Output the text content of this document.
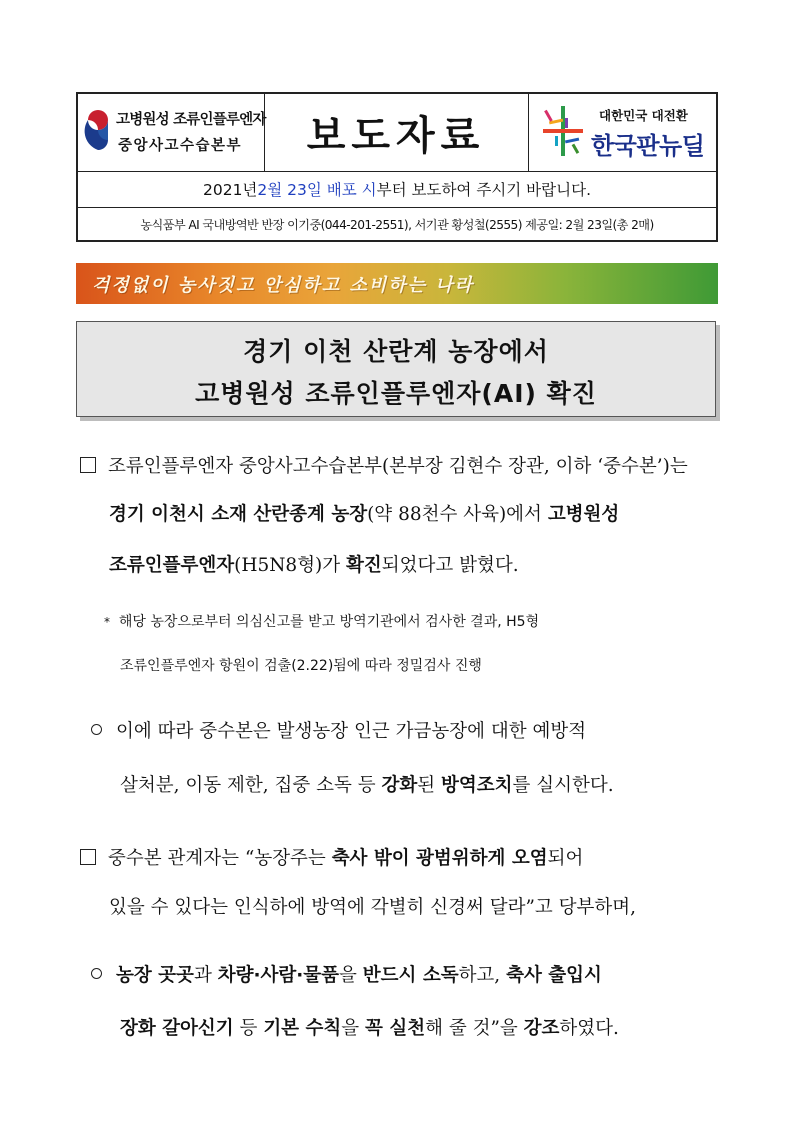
고병원성 조류인플루엔자
중앙사고수습본부 보도자료	대한민국 대전환
한국판뉴딜
2021년 2월 23일 배포 시 부터 보도하여 주시기 바랍니다.
농식품부 AI 국내방역반 반장 이기중(044-201-2551), 서기관 황성철(2555) 제공일: 2월 23일(총 2매)
걱정없이 농사짓고 안심하고 소비하는 나라
경기 이천 산란계 농장에서
고병원성 조류인플루엔자(AI) 확진
조류인플루엔자 중앙사고수습본부(본부장 김현수 장관, 이하 ‘중수본’)는
경기 이천시 소재 산란종계 농장(약 88천수 사육)에서 고병원성
조류인플루엔자(H5N8형)가 확진되었다고 밝혔다.
* 해당 농장으로부터 의심신고를 받고 방역기관에서 검사한 결과, H5형
조류인플루엔자 항원이 검출(2.22)됨에 따라 정밀검사 진행
이에 따라 중수본은 발생농장 인근 가금농장에 대한 예방적
살처분, 이동 제한, 집중 소독 등 강화된 방역조치를 실시한다.
중수본 관계자는 “농장주는 축사 밖이 광범위하게 오염되어
있을 수 있다는 인식하에 방역에 각별히 신경써 달라”고 당부하며,
농장 곳곳과 차량·사람·물품을 반드시 소독하고, 축사 출입시
장화 갈아신기 등 기본 수칙을 꼭 실천해 줄 것”을 강조하였다.
